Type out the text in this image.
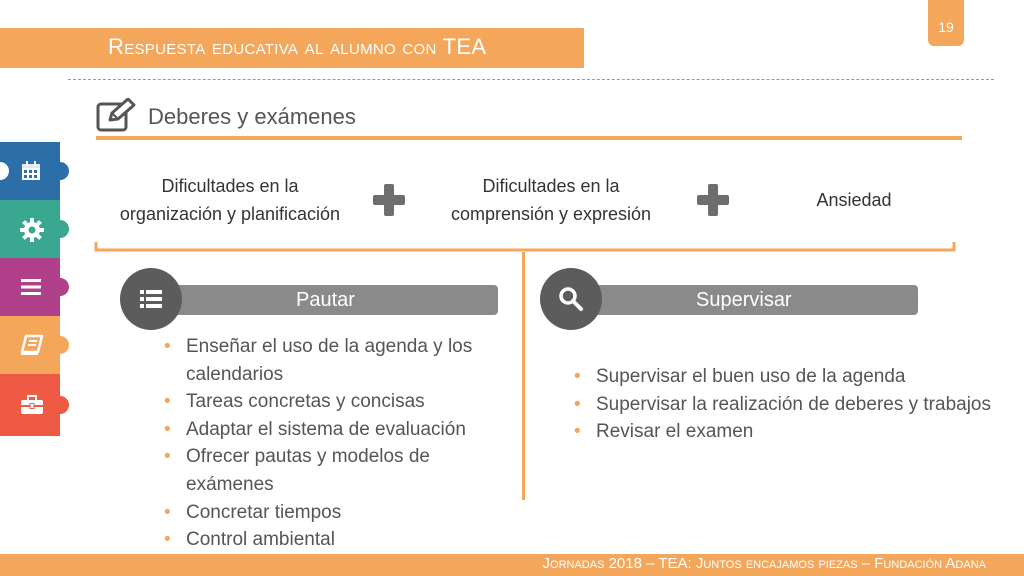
Respuesta educativa al alumno con TEA
19
Deberes y exámenes
Dificultades en la
organización y planificación
Dificultades en la
comprensión y expresión
Ansiedad
Pautar
• Enseñar el uso de la agenda y los calendarios
• Tareas concretas y concisas
• Adaptar el sistema de evaluación
• Ofrecer pautas y modelos de exámenes
• Concretar tiempos
• Control ambiental
Supervisar
• Supervisar el buen uso de la agenda
• Supervisar la realización de deberes y trabajos
• Revisar el examen
Jornadas 2018 – TEA: Juntos encajamos piezas – Fundación Adana
